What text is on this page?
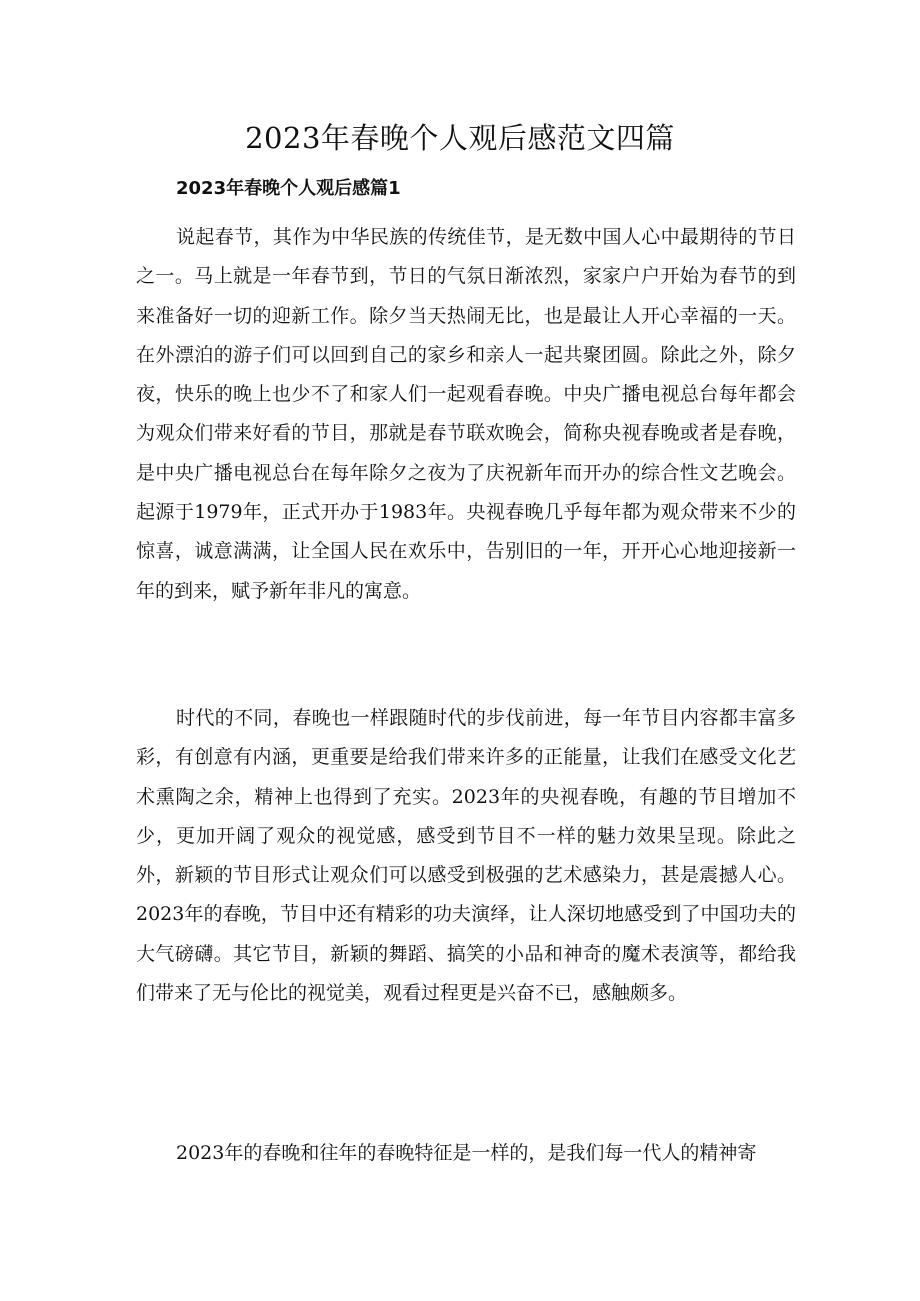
2023年春晚个人观后感范文四篇
2023年春晚个人观后感篇1

说起春节，其作为中华民族的传统佳节，是无数中国人心中最期待的节日之一。马上就是一年春节到，节日的气氛日渐浓烈，家家户户开始为春节的到来准备好一切的迎新工作。除夕当天热闹无比，也是最让人开心幸福的一天。在外漂泊的游子们可以回到自己的家乡和亲人一起共聚团圆。除此之外，除夕夜，快乐的晚上也少不了和家人们一起观看春晚。中央广播电视总台每年都会为观众们带来好看的节目，那就是春节联欢晚会，简称央视春晚或者是春晚，是中央广播电视总台在每年除夕之夜为了庆祝新年而开办的综合性文艺晚会。起源于1979年，正式开办于1983年。央视春晚几乎每年都为观众带来不少的惊喜，诚意满满，让全国人民在欢乐中，告别旧的一年，开开心心地迎接新一年的到来，赋予新年非凡的寓意。

时代的不同，春晚也一样跟随时代的步伐前进，每一年节目内容都丰富多彩，有创意有内涵，更重要是给我们带来许多的正能量，让我们在感受文化艺术熏陶之余，精神上也得到了充实。2023年的央视春晚，有趣的节目增加不少，更加开阔了观众的视觉感，感受到节目不一样的魅力效果呈现。除此之外，新颖的节目形式让观众们可以感受到极强的艺术感染力，甚是震撼人心。2023年的春晚，节目中还有精彩的功夫演绎，让人深切地感受到了中国功夫的大气磅礴。其它节目，新颖的舞蹈、搞笑的小品和神奇的魔术表演等，都给我们带来了无与伦比的视觉美，观看过程更是兴奋不已，感触颇多。

2023年的春晚和往年的春晚特征是一样的，是我们每一代人的精神寄
